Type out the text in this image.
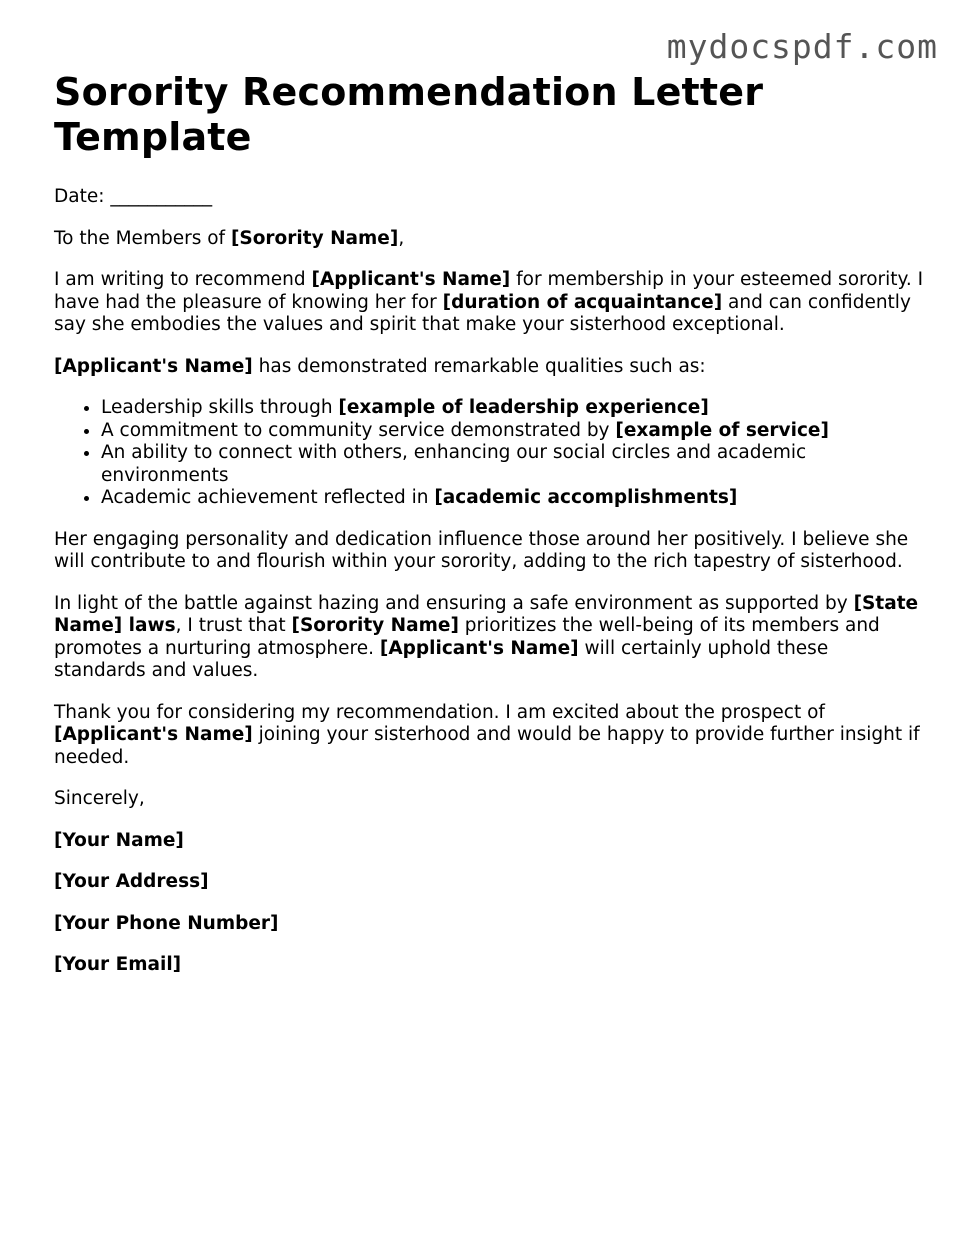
mydocspdf.com
Sorority Recommendation Letter Template

Date: ___________

To the Members of [Sorority Name],

I am writing to recommend [Applicant's Name] for membership in your esteemed sorority. I have had the pleasure of knowing her for [duration of acquaintance] and can confidently say she embodies the values and spirit that make your sisterhood exceptional.

[Applicant's Name] has demonstrated remarkable qualities such as:

• Leadership skills through [example of leadership experience]
• A commitment to community service demonstrated by [example of service]
• An ability to connect with others, enhancing our social circles and academic environments
• Academic achievement reflected in [academic accomplishments]

Her engaging personality and dedication influence those around her positively. I believe she will contribute to and flourish within your sorority, adding to the rich tapestry of sisterhood.

In light of the battle against hazing and ensuring a safe environment as supported by [State Name] laws, I trust that [Sorority Name] prioritizes the well-being of its members and promotes a nurturing atmosphere. [Applicant's Name] will certainly uphold these standards and values.

Thank you for considering my recommendation. I am excited about the prospect of [Applicant's Name] joining your sisterhood and would be happy to provide further insight if needed.

Sincerely,

[Your Name]

[Your Address]

[Your Phone Number]

[Your Email]
